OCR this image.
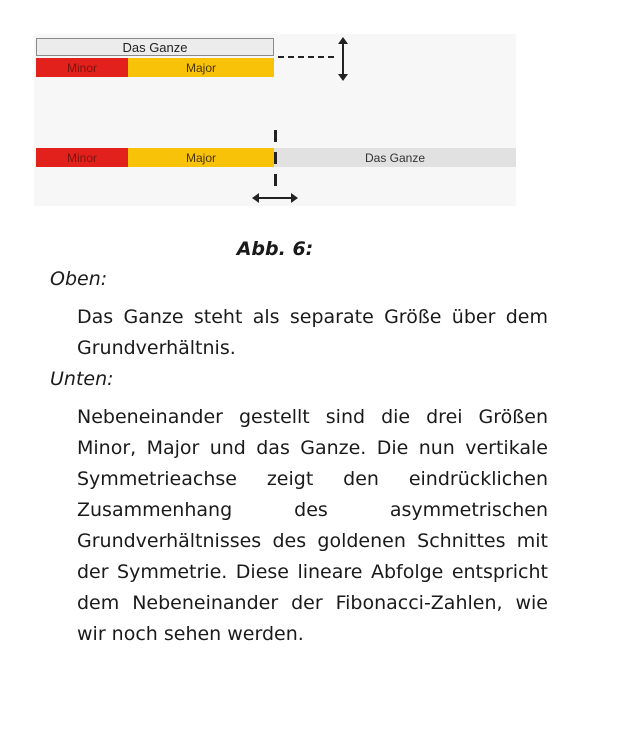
Das Ganze
Minor	Major
Minor	Major	Das Ganze
Abb. 6:
Oben:
Das Ganze steht als separate Größe über dem Grundverhältnis.
Unten:
Nebeneinander gestellt sind die drei Größen Minor, Major und das Ganze. Die nun vertikale Symmetrieachse zeigt den eindrücklichen Zusammenhang des asymmetrischen Grundverhältnisses des goldenen Schnittes mit der Symmetrie. Diese lineare Abfolge entspricht dem Nebeneinander der Fibonacci-Zahlen, wie wir noch sehen werden.
